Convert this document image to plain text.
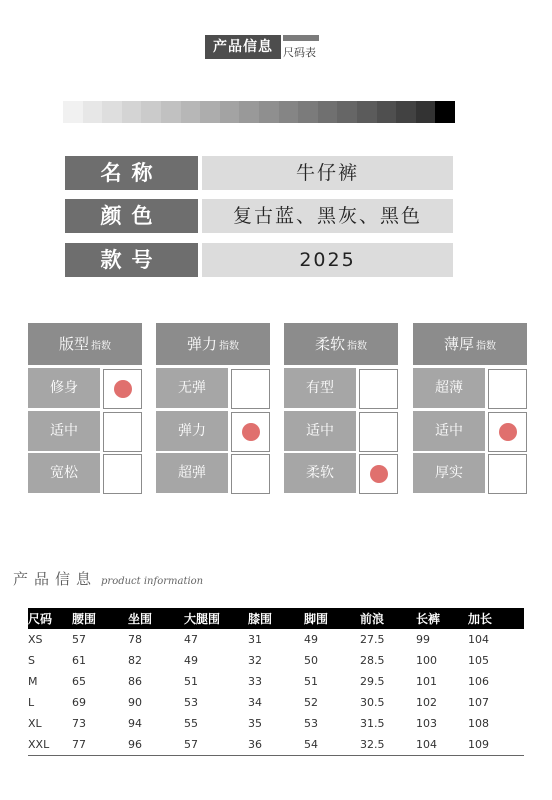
产品信息 尺码表
名称	牛仔裤
颜色	复古蓝、黑灰、黑色
款号	2025
版型 指数
修身
适中
宽松
弹力 指数
无弹
弹力
超弹
柔软 指数
有型
适中
柔软
薄厚 指数
超薄
适中
厚实
产品信息 product information
尺码	腰围	坐围	大腿围	膝围	脚围	前浪	长裤	加长
XS	57	78	47	31	49	27.5	99	104
S	61	82	49	32	50	28.5	100	105
M	65	86	51	33	51	29.5	101	106
L	69	90	53	34	52	30.5	102	107
XL	73	94	55	35	53	31.5	103	108
XXL	77	96	57	36	54	32.5	104	109
